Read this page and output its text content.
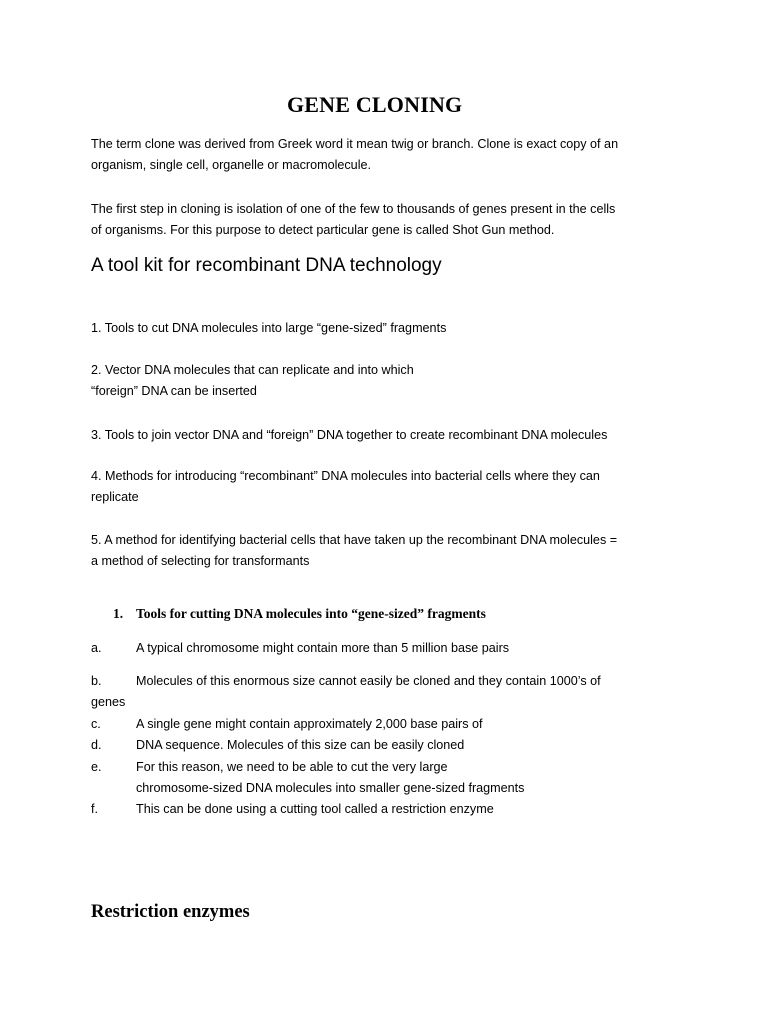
GENE CLONING
The term clone was derived from Greek word it mean twig or branch. Clone is exact copy of an
organism, single cell, organelle or macromolecule.
The first step in cloning is isolation of one of the few to thousands of genes present in the cells
of organisms. For this purpose to detect particular gene is called Shot Gun method.
A tool kit for recombinant DNA technology
1. Tools to cut DNA molecules into large “gene-sized” fragments
2. Vector DNA molecules that can replicate and into which
“foreign” DNA can be inserted
3. Tools to join vector DNA and “foreign” DNA together to create recombinant DNA molecules
4. Methods for introducing “recombinant” DNA molecules into bacterial cells where they can
replicate
5. A method for identifying bacterial cells that have taken up the recombinant DNA molecules =
a method of selecting for transformants
1. Tools for cutting DNA molecules into “gene-sized” fragments
a.	A typical chromosome might contain more than 5 million base pairs
b.	Molecules of this enormous size cannot easily be cloned and they contain 1000’s of
genes
c.	A single gene might contain approximately 2,000 base pairs of
d.	DNA sequence. Molecules of this size can be easily cloned
e.	For this reason, we need to be able to cut the very large
chromosome-sized DNA molecules into smaller gene-sized fragments
f.	This can be done using a cutting tool called a restriction enzyme
Restriction enzymes
